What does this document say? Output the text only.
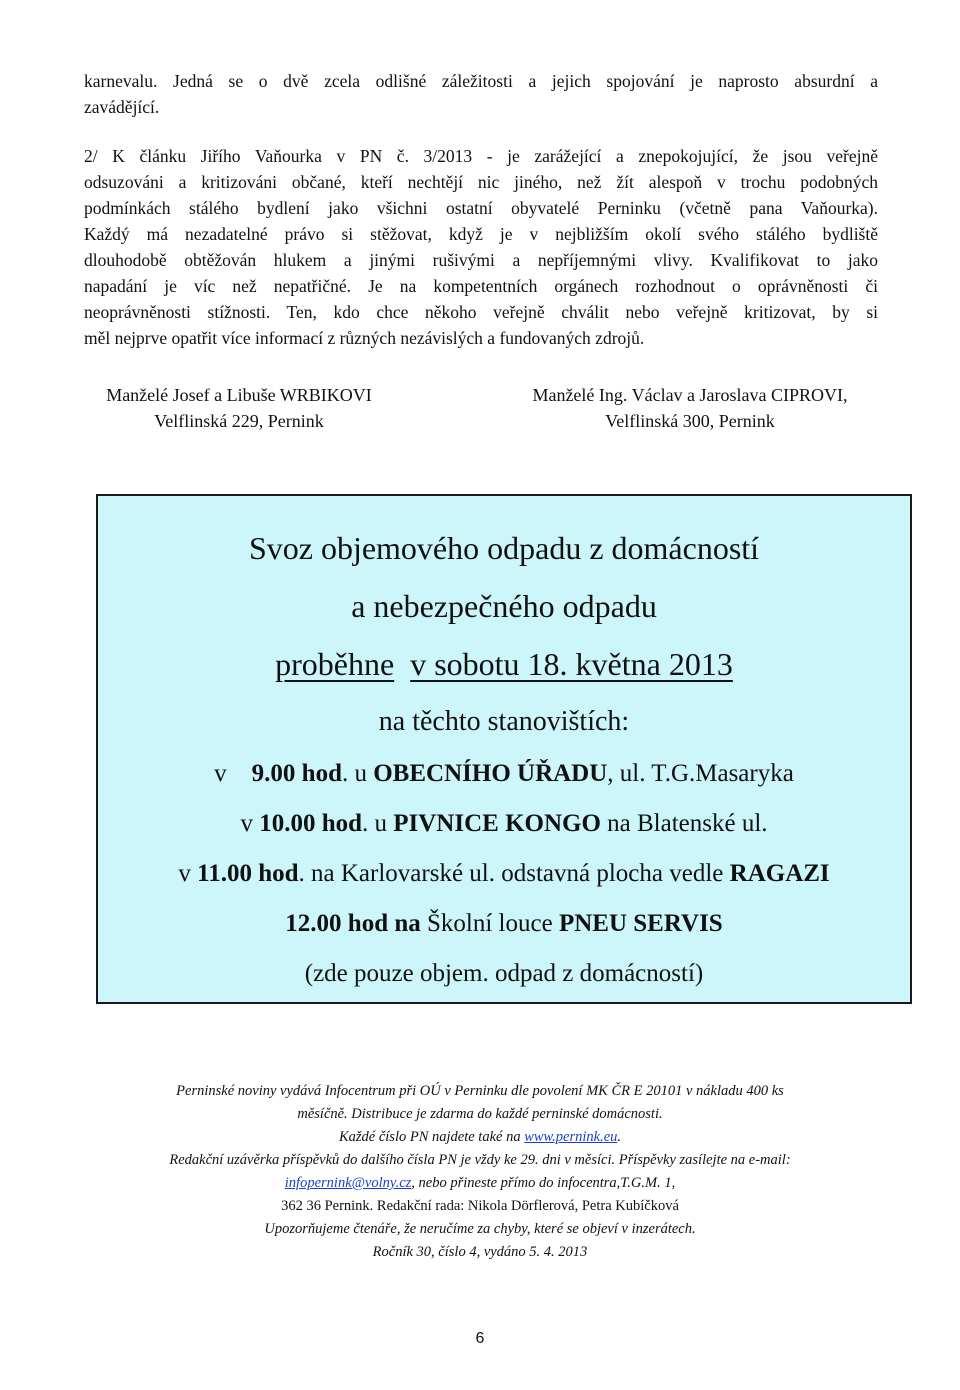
karnevalu. Jedná se o dvě zcela odlišné záležitosti a jejich spojování je naprosto absurdní a
zavádějící.

2/ K článku Jiřího Vaňourka v PN č. 3/2013 - je zarážející a znepokojující, že jsou veřejně
odsuzováni a kritizováni občané, kteří nechtějí nic jiného, než žít alespoň v trochu podobných
podmínkách stálého bydlení jako všichni ostatní obyvatelé Perninku (včetně pana Vaňourka).
Každý má nezadatelné právo si stěžovat, když je v nejbližším okolí svého stálého bydliště
dlouhodobě obtěžován hlukem a jinými rušivými a nepříjemnými vlivy. Kvalifikovat to jako
napadání je víc než nepatřičné. Je na kompetentních orgánech rozhodnout o oprávněnosti či
neoprávněnosti stížnosti. Ten, kdo chce někoho veřejně chválit nebo veřejně kritizovat, by si
měl nejprve opatřit více informací z různých nezávislých a fundovaných zdrojů.

Manželé Josef a Libuše WRBIKOVI
Velflinská 229, Pernink
Manželé Ing. Václav a Jaroslava CIPROVI,
Velflinská 300, Pernink
Svoz objemového odpadu z domácností
a nebezpečného odpadu
proběhne v sobotu 18. května 2013
na těchto stanovištích:
v    9.00 hod. u OBECNÍHO ÚŘADU, ul. T.G.Masaryka
v 10.00 hod. u PIVNICE KONGO na Blatenské ul.
v 11.00 hod. na Karlovarské ul. odstavná plocha vedle RAGAZI
12.00 hod na Školní louce PNEU SERVIS
(zde pouze objem. odpad z domácností)
Perninské noviny vydává Infocentrum při OÚ v Perninku dle povolení MK ČR E 20101 v nákladu 400 ks
měsíčně. Distribuce je zdarma do každé perninské domácnosti.
Každé číslo PN najdete také na www.pernink.eu.
Redakční uzávěrka příspěvků do dalšího čísla PN je vždy ke 29. dni v měsíci. Příspěvky zasílejte na e-mail:
infopernink@volny.cz, nebo přineste přímo do infocentra,T.G.M. 1,
362 36 Pernink. Redakční rada: Nikola Dörflerová, Petra Kubíčková
Upozorňujeme čtenáře, že neručíme za chyby, které se objeví v inzerátech.
Ročník 30, číslo 4, vydáno 5. 4. 2013
6
